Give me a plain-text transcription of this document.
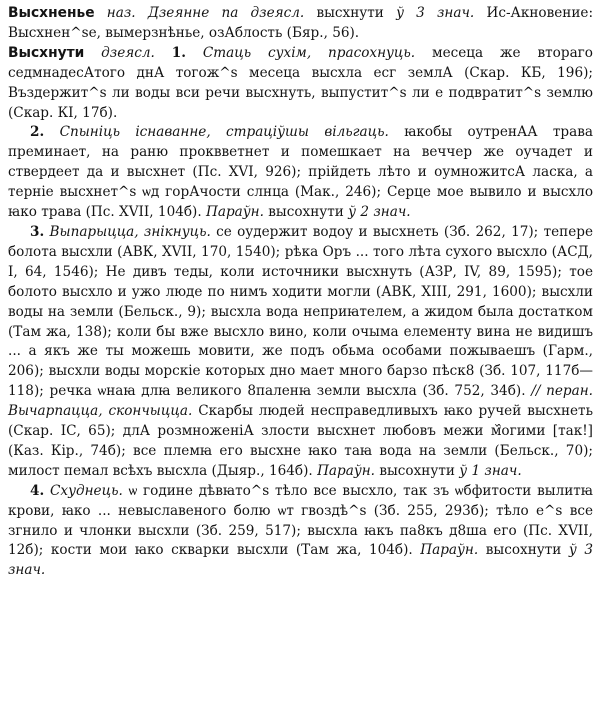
Высхненье наз. Дзеянне па дзеясл. высхнути ў 3 знач. Ис-Акновение: Высхнен^se, вымерзнѣнье, озАблость (Бяр., 56).

Высхнути дзеясл. 1. Стаць сухім, прасохнуць. месеца же втораго седмнадесАтого днА тогож^s месеца высхла есг землА (Скар. КБ, 196); Въздержит^s ли воды вси речи высхнуть, выпустит^s ли е подвратит^s землю (Скар. КІ, 17б).

2. Спыніць існаванне, страціўшы вільгаць. ꙗкобы оутренАА трава преминает, на раню проквветнет и помешкает на веччер же оучадет и ствердеет да и высхнет (Пс. XVI, 926); прійдеть лѣто и оумножитсА ласка, а терніе высхнет^s ѡд горАчости слнца (Мак., 246); Серце мое вывило и высхло ꙗко трава (Пс. XVII, 104б). Параўн. высохнути ў 2 знач.

3. Выпарыцца, знікнуць. се оудержит водоу и высхнеть (Зб. 262, 17); тепере болота высхли (АВК, XVII, 170, 1540); рѣка Оръ ... того лѣта сухого высхло (АСД, I, 64, 1546); Не дивъ теды, коли источники высхнуть (АЗР, IV, 89, 1595); тое болото высхло и ужо люде по нимъ ходити могли (АВК, XIII, 291, 1600); высхли воды на земли (Бельск., 9); высхла вода неприꙗтелем, а жидом была достатком (Там жа, 138); коли бы вже высхло вино, коли очыма елементу вина не видишъ ... а якъ же ты можешь мовити, же подъ обьма особами пожываешъ (Гарм., 206); высхли воды морскіе которых дно мает много барзо пѣск8 (Зб. 107, 117б—118); речка ѡнаꙗ длꙗ великого 8паленꙗ земли высхла (Зб. 752, 34б). // перан. Вычарпацца, скончыцца. Скарбы людей несправедливыхъ ꙗко ручей высхнеть (Скар. ІС, 65); длА розмноженіА злости высхнет любовъ межи м᷈огими [так!] (Каз. Кір., 74б); все племꙗ его высхне ꙗко таꙗ вода на земли (Бельск., 70); милост пемал всѣхъ высхла (Дыяр., 164б). Параўн. высохнути ў 1 знач.

4. Схуднець. ѡ године дѣвꙗто^s тѣло все высхло, так зъ ѡбфитости вылитꙗ крови, ꙗко ... невыславеного болю ѡт гвоздѣ^s (Зб. 255, 293б); тѣло е^s все згнило и члонки высхли (Зб. 259, 517); высхла ꙗкъ па8къ д8ша его (Пс. XVII, 12б); кости мои ꙗко скварки высхли (Там жа, 104б). Параўн. высохнути ў 3 знач.
